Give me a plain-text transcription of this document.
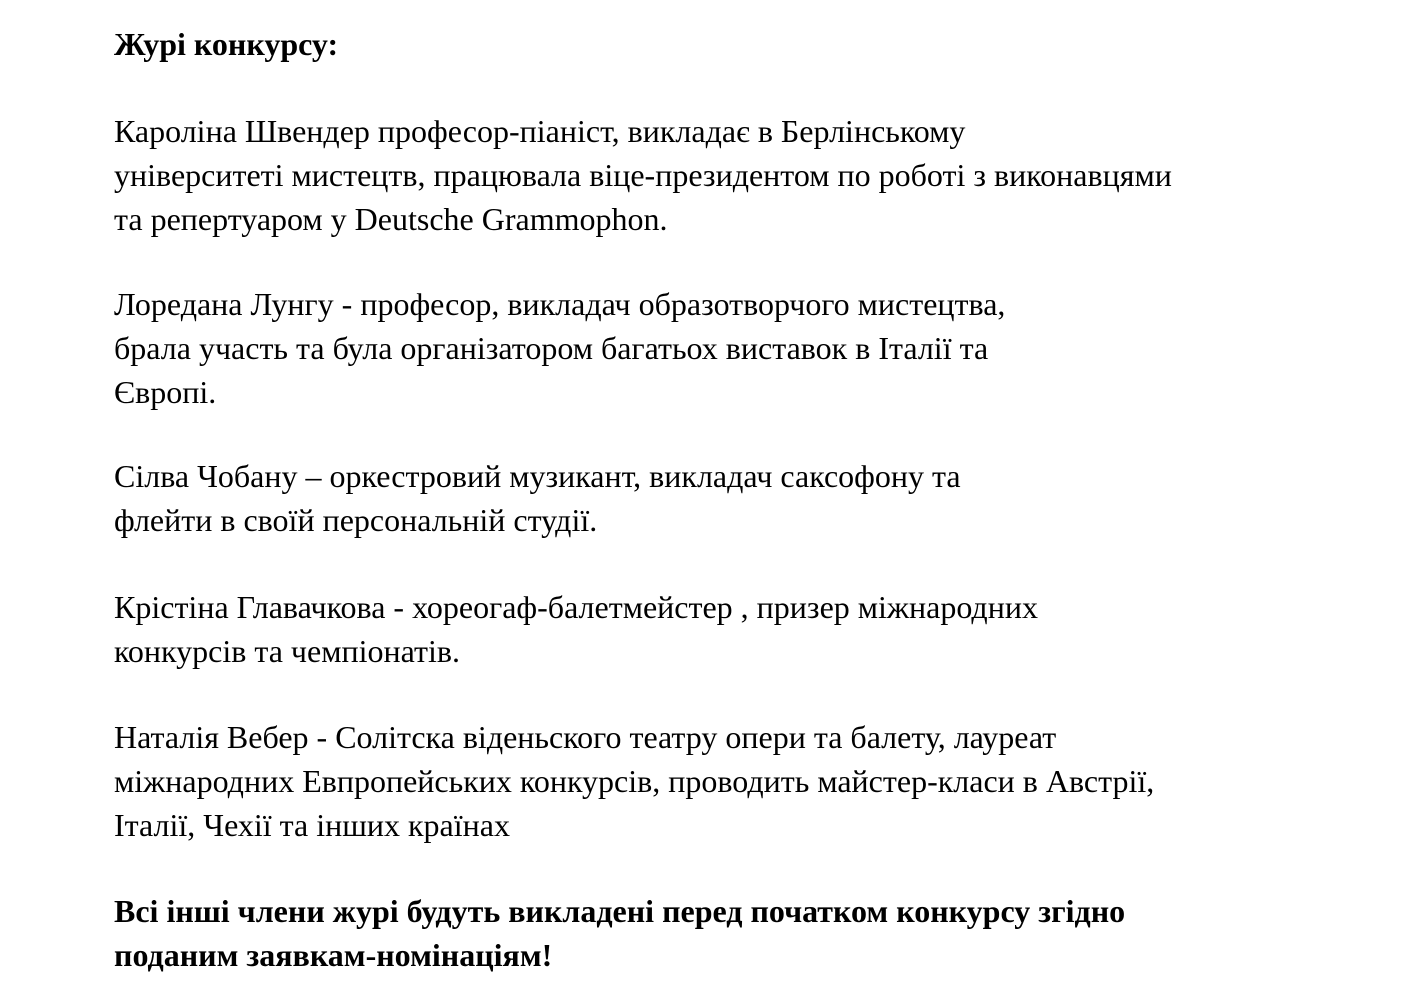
Журі конкурсу:

Кароліна Швендер професор-піаніст, викладає в Берлінському
університеті мистецтв, працювала віце-президентом по роботі з виконавцями
та репертуаром у Deutsche Grammophon.

Лоредана Лунгу - професор, викладач образотворчого мистецтва,
брала участь та була організатором багатьох виставок в Італії та
Європі.

Сілва Чобану – оркестровий музикант, викладач саксофону та
флейти в своїй персональній студії.

Крістіна Главачкова - хореогаф-балетмейстер , призер міжнародних
конкурсів та чемпіонатів.

Наталія Вебер - Солітска віденьского театру опери та балету, лауреат
міжнародних Евпропейських конкурсів, проводить майстер-класи в Австрії,
Італії, Чехії та інших країнах

Всі інші члени журі будуть викладені перед початком конкурсу згідно
поданим заявкам-номінаціям!
